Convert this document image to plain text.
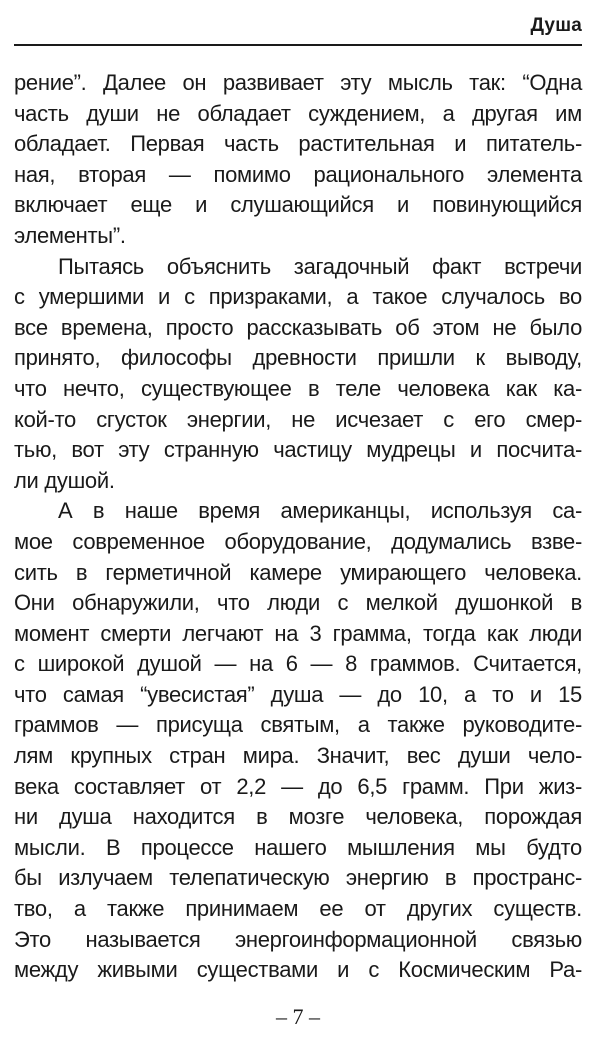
Душа
рение”. Далее он развивает эту мысль так: “Одна
часть души не обладает суждением, а другая им
обладает. Первая часть растительная и питатель-
ная, вторая — помимо рационального элемента
включает еще и слушающийся и повинующийся
элементы”.
Пытаясь объяснить загадочный факт встречи
с умершими и с призраками, а такое случалось во
все времена, просто рассказывать об этом не было
принято, философы древности пришли к выводу,
что нечто, существующее в теле человека как ка-
кой-то сгусток энергии, не исчезает с его смер-
тью, вот эту странную частицу мудрецы и посчита-
ли душой.
А в наше время американцы, используя са-
мое современное оборудование, додумались взве-
сить в герметичной камере умирающего человека.
Они обнаружили, что люди с мелкой душонкой в
момент смерти легчают на 3 грамма, тогда как люди
с широкой душой — на 6 — 8 граммов. Считается,
что самая “увесистая” душа — до 10, а то и 15
граммов — присуща святым, а также руководите-
лям крупных стран мира. Значит, вес души чело-
века составляет от 2,2 — до 6,5 грамм. При жиз-
ни душа находится в мозге человека, порождая
мысли. В процессе нашего мышления мы будто
бы излучаем телепатическую энергию в пространс-
тво, а также принимаем ее от других существ.
Это называется энергоинформационной связью
между живыми существами и с Космическим Ра-
– 7 –
